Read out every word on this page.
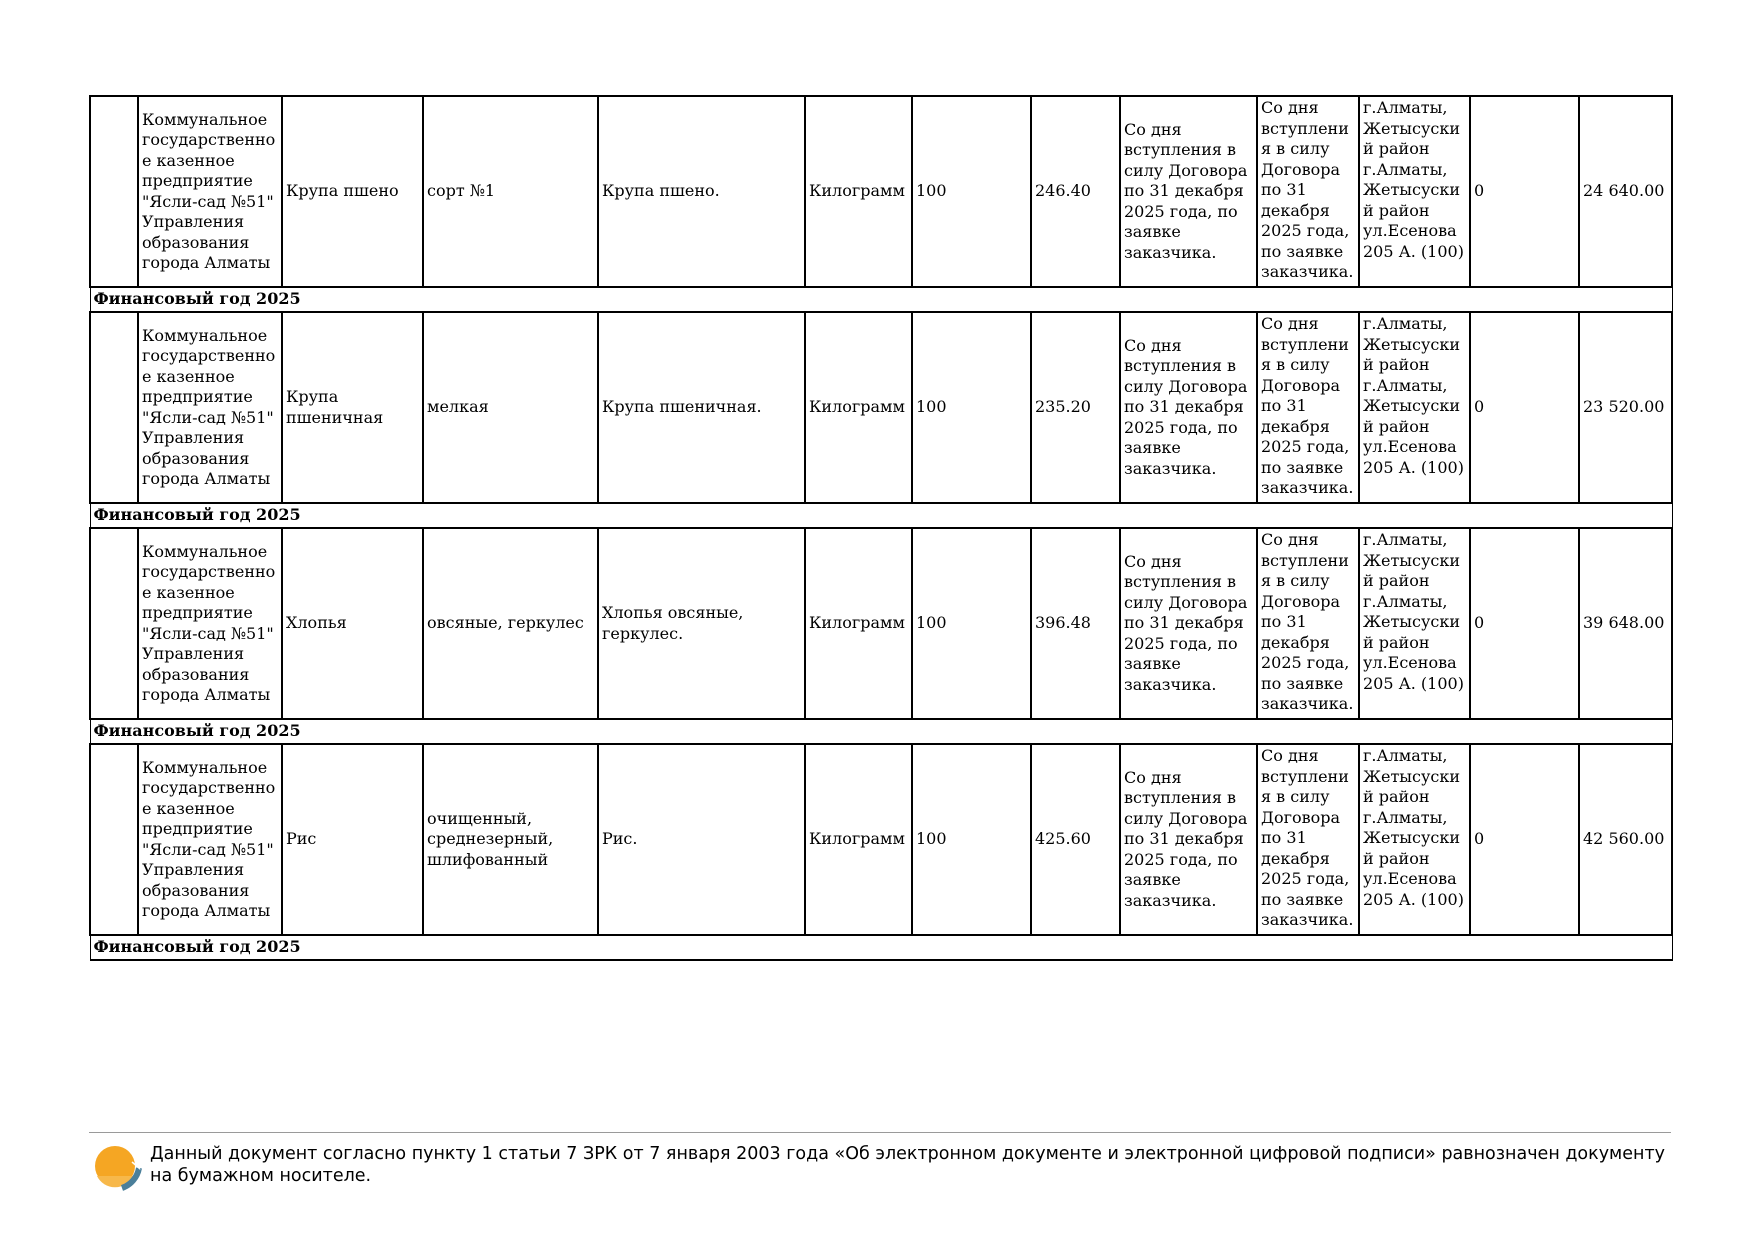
	Коммунальное государственное казенное предприятие "Ясли-сад №51" Управления образования города Алматы	Крупа пшено	сорт №1	Крупа пшено.	Килограмм	100	246.40	Со дня вступления в силу Договора по 31 декабря 2025 года, по заявке заказчика.	Со дня вступления в силу Договора по 31 декабря 2025 года, по заявке заказчика.	г.Алматы, Жетысуский район г.Алматы, Жетысуский район ул.Есенова 205 А. (100)	0	24 640.00
Финансовый год 2025												
	Коммунальное государственное казенное предприятие "Ясли-сад №51" Управления образования города Алматы	Крупа пшеничная	мелкая	Крупа пшеничная.	Килограмм	100	235.20	Со дня вступления в силу Договора по 31 декабря 2025 года, по заявке заказчика.	Со дня вступления в силу Договора по 31 декабря 2025 года, по заявке заказчика.	г.Алматы, Жетысуский район г.Алматы, Жетысуский район ул.Есенова 205 А. (100)	0	23 520.00
Финансовый год 2025												
	Коммунальное государственное казенное предприятие "Ясли-сад №51" Управления образования города Алматы	Хлопья	овсяные, геркулес	Хлопья овсяные, геркулес.	Килограмм	100	396.48	Со дня вступления в силу Договора по 31 декабря 2025 года, по заявке заказчика.	Со дня вступления в силу Договора по 31 декабря 2025 года, по заявке заказчика.	г.Алматы, Жетысуский район г.Алматы, Жетысуский район ул.Есенова 205 А. (100)	0	39 648.00
Финансовый год 2025												
	Коммунальное государственное казенное предприятие "Ясли-сад №51" Управления образования города Алматы	Рис	очищенный, среднезерный, шлифованный	Рис.	Килограмм	100	425.60	Со дня вступления в силу Договора по 31 декабря 2025 года, по заявке заказчика.	Со дня вступления в силу Договора по 31 декабря 2025 года, по заявке заказчика.	г.Алматы, Жетысуский район г.Алматы, Жетысуский район ул.Есенова 205 А. (100)	0	42 560.00
Финансовый год 2025												
Данный документ согласно пункту 1 статьи 7 ЗРК от 7 января 2003 года «Об электронном документе и электронной цифровой подписи» равнозначен документу на бумажном носителе.
